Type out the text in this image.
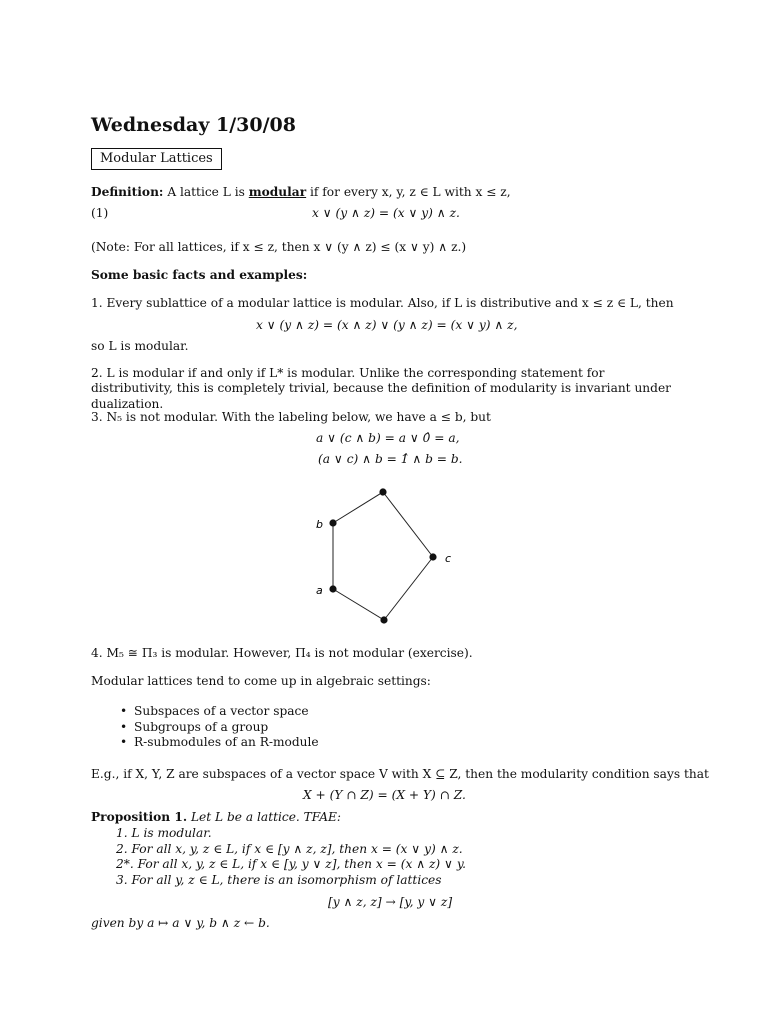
Wednesday 1/30/08
Modular Lattices
Definition: A lattice L is modular if for every x, y, z ∈ L with x ≤ z,
(1)	x ∨ (y ∧ z) = (x ∨ y) ∧ z.
(Note: For all lattices, if x ≤ z, then x ∨ (y ∧ z) ≤ (x ∨ y) ∧ z.)
Some basic facts and examples:
1. Every sublattice of a modular lattice is modular. Also, if L is distributive and x ≤ z ∈ L, then
x ∨ (y ∧ z) = (x ∧ z) ∨ (y ∧ z) = (x ∨ y) ∧ z,
so L is modular.
2. L is modular if and only if L* is modular. Unlike the corresponding statement for distributivity, this is completely trivial, because the definition of modularity is invariant under dualization.
3. N₅ is not modular. With the labeling below, we have a ≤ b, but
a ∨ (c ∧ b) = a ∨ 0̂ = a,
(a ∨ c) ∧ b = 1̂ ∧ b = b.
b
a
c
4. M₅ ≅ Π₃ is modular. However, Π₄ is not modular (exercise).
Modular lattices tend to come up in algebraic settings:
• Subspaces of a vector space
• Subgroups of a group
• R-submodules of an R-module
E.g., if X, Y, Z are subspaces of a vector space V with X ⊆ Z, then the modularity condition says that
X + (Y ∩ Z) = (X + Y) ∩ Z.
Proposition 1. Let L be a lattice. TFAE:
1. L is modular.
2. For all x, y, z ∈ L, if x ∈ [y ∧ z, z], then x = (x ∨ y) ∧ z.
2*. For all x, y, z ∈ L, if x ∈ [y, y ∨ z], then x = (x ∧ z) ∨ y.
3. For all y, z ∈ L, there is an isomorphism of lattices
[y ∧ z, z] → [y, y ∨ z]
given by a ↦ a ∨ y, b ∧ z ← b.
